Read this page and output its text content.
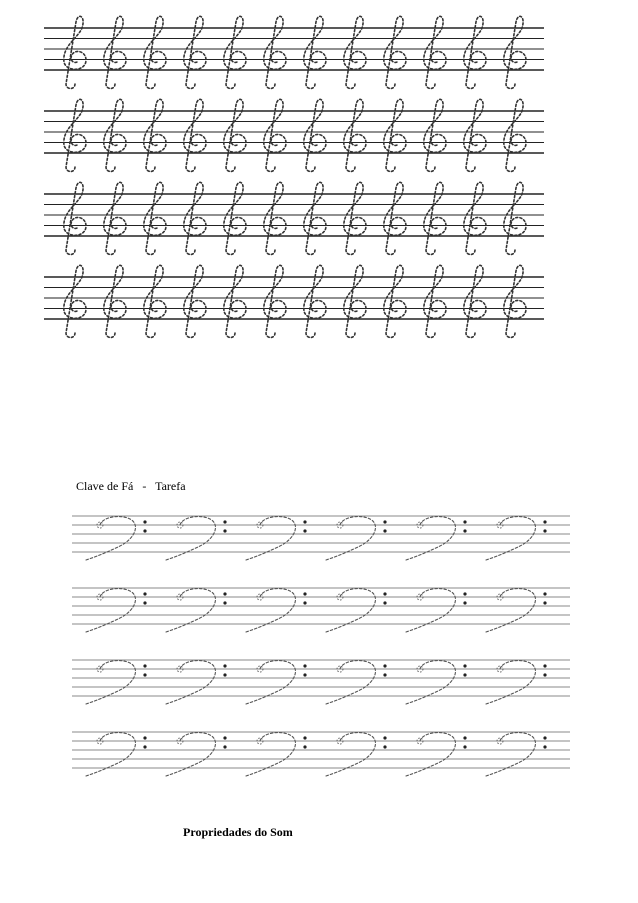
Clave de Fá   -   Tarefa
Propriedades do Som
